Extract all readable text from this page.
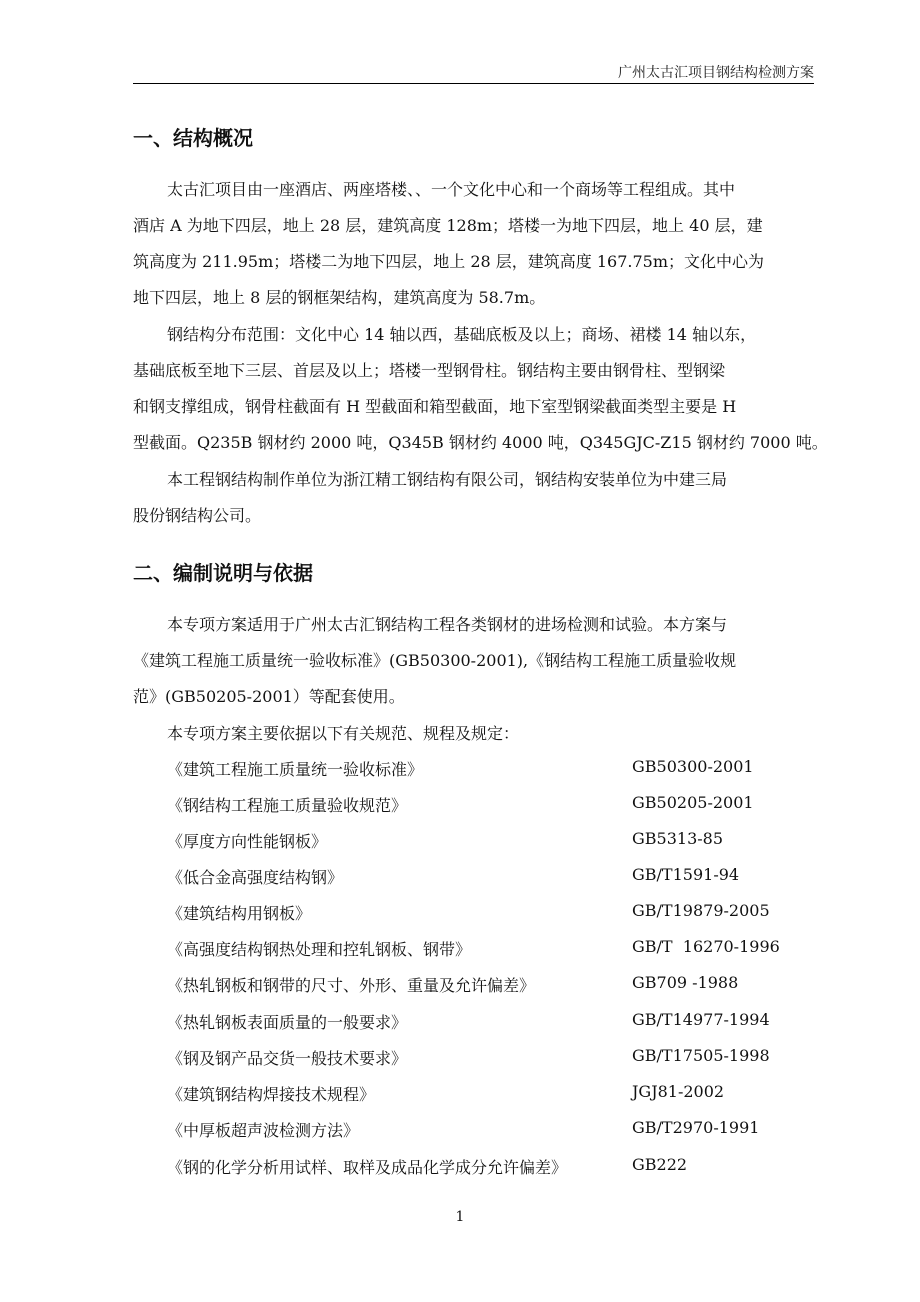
广州太古汇项目钢结构检测方案
一、结构概况
太古汇项目由一座酒店、两座塔楼、、一个文化中心和一个商场等工程组成。其中
酒店 A 为地下四层，地上 28 层，建筑高度 128m；塔楼一为地下四层，地上 40 层，建
筑高度为 211.95m；塔楼二为地下四层，地上 28 层，建筑高度 167.75m；文化中心为
地下四层，地上 8 层的钢框架结构，建筑高度为 58.7m。
钢结构分布范围：文化中心 14 轴以西，基础底板及以上；商场、裙楼 14 轴以东，
基础底板至地下三层、首层及以上；塔楼一型钢骨柱。钢结构主要由钢骨柱、型钢梁
和钢支撑组成，钢骨柱截面有 H 型截面和箱型截面，地下室型钢梁截面类型主要是 H
型截面。Q235B 钢材约 2000 吨，Q345B 钢材约 4000 吨，Q345GJC-Z15 钢材约 7000 吨。
本工程钢结构制作单位为浙江精工钢结构有限公司，钢结构安装单位为中建三局
股份钢结构公司。
二、编制说明与依据
本专项方案适用于广州太古汇钢结构工程各类钢材的进场检测和试验。本方案与
《建筑工程施工质量统一验收标准》(GB50300-2001),《钢结构工程施工质量验收规
范》(GB50205-2001）等配套使用。
本专项方案主要依据以下有关规范、规程及规定：
《建筑工程施工质量统一验收标准》	GB50300-2001
《钢结构工程施工质量验收规范》	GB50205-2001
《厚度方向性能钢板》	GB5313-85
《低合金高强度结构钢》	GB/T1591-94
《建筑结构用钢板》	GB/T19879-2005
《高强度结构钢热处理和控轧钢板、钢带》	GB/T  16270-1996
《热轧钢板和钢带的尺寸、外形、重量及允许偏差》	GB709 -1988
《热轧钢板表面质量的一般要求》	GB/T14977-1994
《钢及钢产品交货一般技术要求》	GB/T17505-1998
《建筑钢结构焊接技术规程》	JGJ81-2002
《中厚板超声波检测方法》	GB/T2970-1991
《钢的化学分析用试样、取样及成品化学成分允许偏差》	GB222
1
